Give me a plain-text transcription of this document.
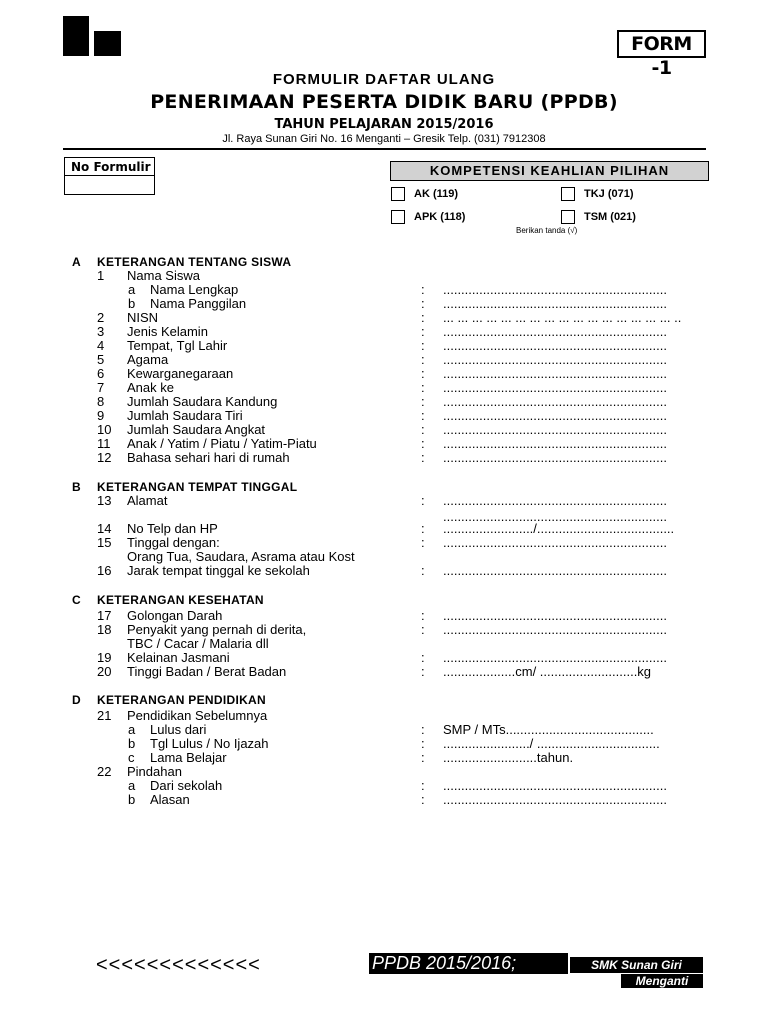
FORM -1
FORMULIR DAFTAR ULANG
PENERIMAAN PESERTA DIDIK BARU (PPDB)
TAHUN PELAJARAN 2015/2016
Jl. Raya Sunan Giri No. 16 Menganti – Gresik Telp. (031) 7912308
No Formulir	KOMPETENSI KEAHLIAN PILIHAN
AK (119)	TKJ (071)
APK (118)	TSM (021)
Berikan tanda (√)
A KETERANGAN TENTANG SISWA
1 Nama Siswa
a Nama Lengkap	: ..............................................................
b Nama Panggilan	: ..............................................................
2 NISN	: ... ... ... ... ... ... ... ... ... ... ... ... ... ... ... ... ..
3 Jenis Kelamin	: ..............................................................
4 Tempat, Tgl Lahir	: ..............................................................
5 Agama	: ..............................................................
6 Kewarganegaraan	: ..............................................................
7 Anak ke	: ..............................................................
8 Jumlah Saudara Kandung	: ..............................................................
9 Jumlah Saudara Tiri	: ..............................................................
10 Jumlah Saudara Angkat	: ..............................................................
11 Anak / Yatim / Piatu / Yatim-Piatu	: ..............................................................
12 Bahasa sehari hari di rumah	: ..............................................................
B KETERANGAN TEMPAT TINGGAL
13 Alamat	: ..............................................................
..............................................................
14 No Telp dan HP	: ........................./......................................
15 Tinggal dengan:	: ..............................................................
Orang Tua, Saudara, Asrama atau Kost
16 Jarak tempat tinggal ke sekolah	: ..............................................................
C KETERANGAN KESEHATAN
17 Golongan Darah	: ..............................................................
18 Penyakit yang pernah di derita,	: ..............................................................
TBC / Cacar / Malaria dll
19 Kelainan Jasmani	: ..............................................................
20 Tinggi Badan / Berat Badan	: ....................cm/ ...........................kg
D KETERANGAN PENDIDIKAN
21 Pendidikan Sebelumnya
a Lulus dari	: SMP / MTs.........................................
b Tgl Lulus / No Ijazah	: ......................../ ..................................
c Lama Belajar	: ..........................tahun.
22 Pindahan
a Dari sekolah	: ..............................................................
b Alasan	: ..............................................................
<<<<<<<<<<<<<	PPDB 2015/2016;	SMK Sunan Giri
Menganti
